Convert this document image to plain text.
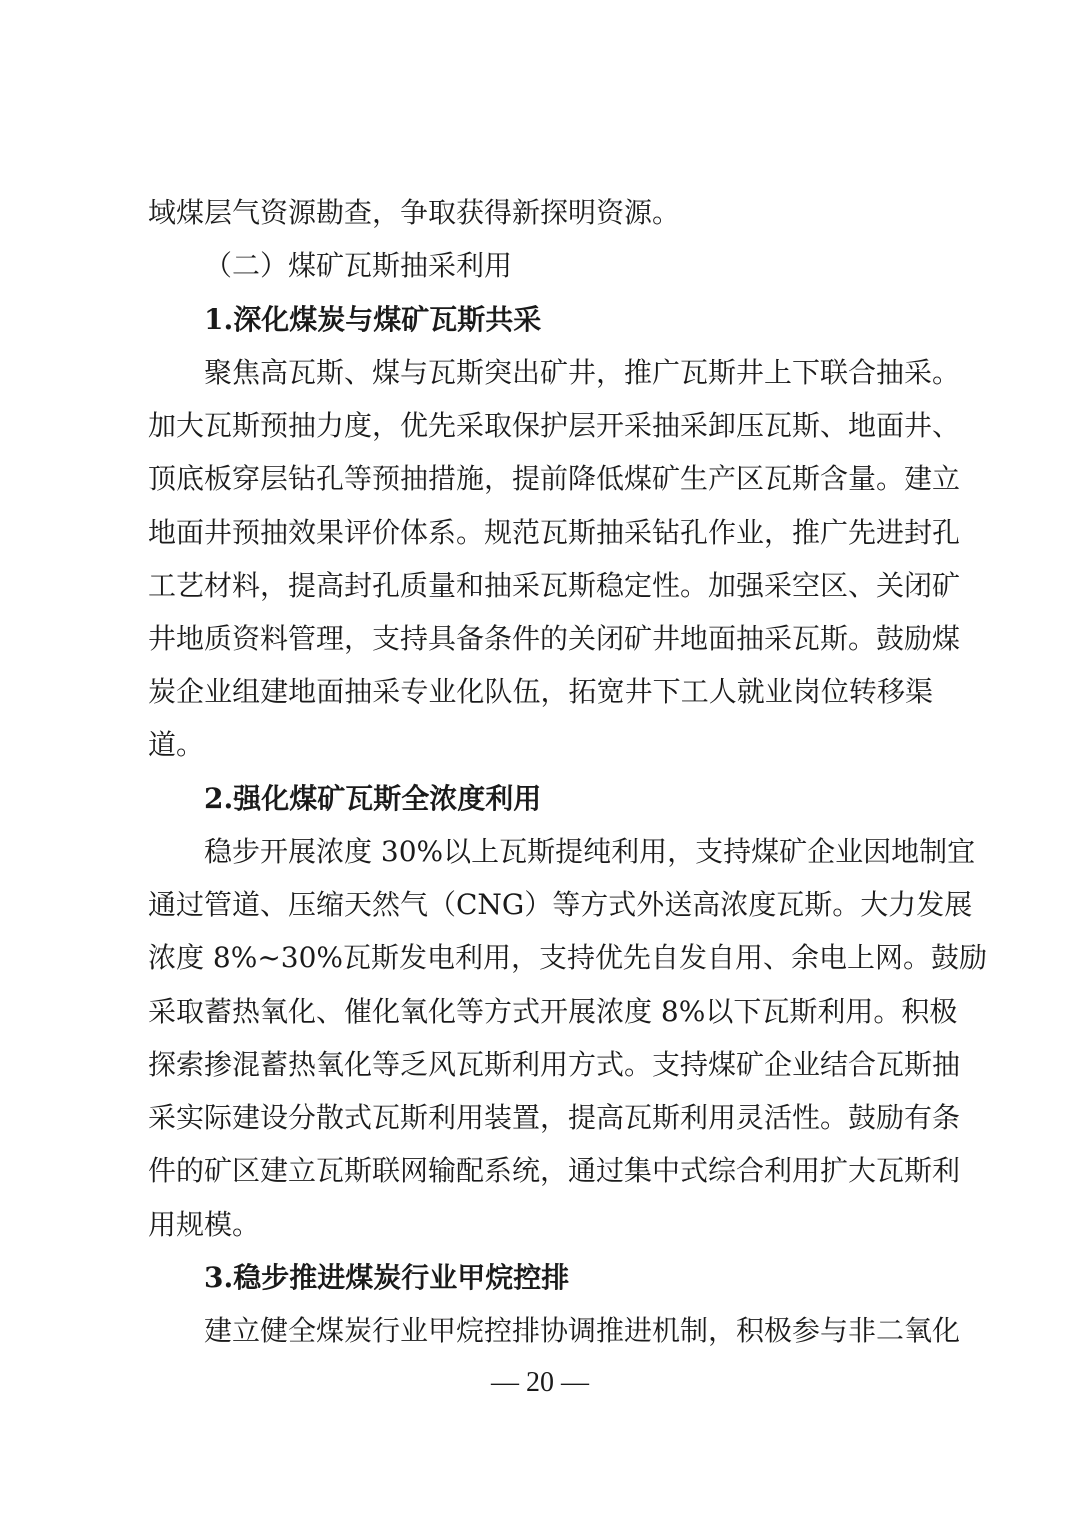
域煤层气资源勘查，争取获得新探明资源。
（二）煤矿瓦斯抽采利用
1.深化煤炭与煤矿瓦斯共采
聚焦高瓦斯、煤与瓦斯突出矿井，推广瓦斯井上下联合抽采。
加大瓦斯预抽力度，优先采取保护层开采抽采卸压瓦斯、地面井、
顶底板穿层钻孔等预抽措施，提前降低煤矿生产区瓦斯含量。建立
地面井预抽效果评价体系。规范瓦斯抽采钻孔作业，推广先进封孔
工艺材料，提高封孔质量和抽采瓦斯稳定性。加强采空区、关闭矿
井地质资料管理，支持具备条件的关闭矿井地面抽采瓦斯。鼓励煤
炭企业组建地面抽采专业化队伍，拓宽井下工人就业岗位转移渠
道。
2.强化煤矿瓦斯全浓度利用
稳步开展浓度 30%以上瓦斯提纯利用，支持煤矿企业因地制宜
通过管道、压缩天然气（CNG）等方式外送高浓度瓦斯。大力发展
浓度 8%~30%瓦斯发电利用，支持优先自发自用、余电上网。鼓励
采取蓄热氧化、催化氧化等方式开展浓度 8%以下瓦斯利用。积极
探索掺混蓄热氧化等乏风瓦斯利用方式。支持煤矿企业结合瓦斯抽
采实际建设分散式瓦斯利用装置，提高瓦斯利用灵活性。鼓励有条
件的矿区建立瓦斯联网输配系统，通过集中式综合利用扩大瓦斯利
用规模。
3.稳步推进煤炭行业甲烷控排
建立健全煤炭行业甲烷控排协调推进机制，积极参与非二氧化
— 20 —
